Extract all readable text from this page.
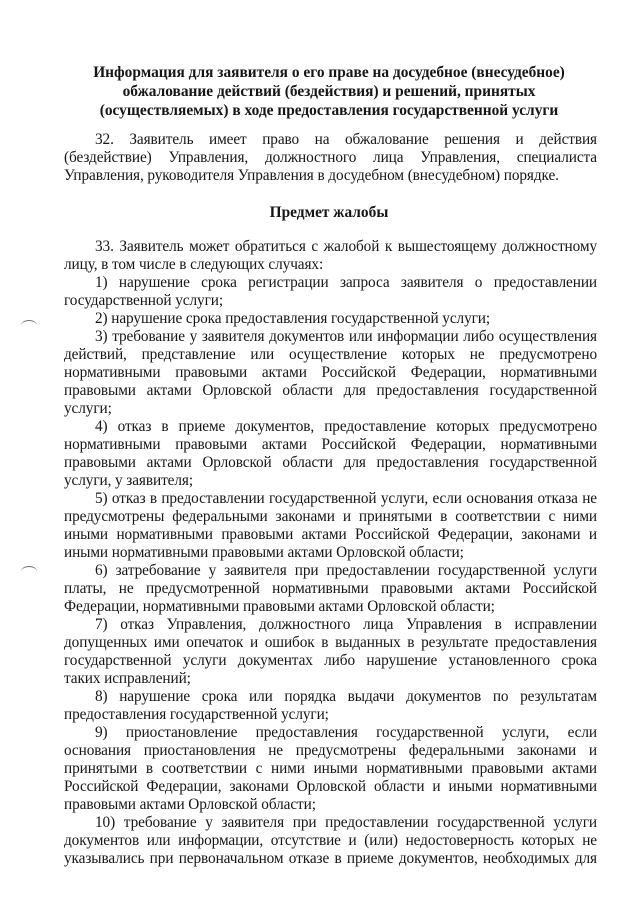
Информация для заявителя о его праве на досудебное (внесудебное)
обжалование действий (бездействия) и решений, принятых
(осуществляемых) в ходе предоставления государственной услуги
32. Заявитель имеет право на обжалование решения и действия
(бездействие) Управления, должностного лица Управления, специалиста
Управления, руководителя Управления в досудебном (внесудебном) порядке.
Предмет жалобы
33. Заявитель может обратиться с жалобой к вышестоящему должностному
лицу, в том числе в следующих случаях:
1) нарушение срока регистрации запроса заявителя о предоставлении
государственной услуги;
2) нарушение срока предоставления государственной услуги;
3) требование у заявителя документов или информации либо осуществления
действий, представление или осуществление которых не предусмотрено
нормативными правовыми актами Российской Федерации, нормативными
правовыми актами Орловской области для предоставления государственной
услуги;
4) отказ в приеме документов, предоставление которых предусмотрено
нормативными правовыми актами Российской Федерации, нормативными
правовыми актами Орловской области для предоставления государственной
услуги, у заявителя;
5) отказ в предоставлении государственной услуги, если основания отказа не
предусмотрены федеральными законами и принятыми в соответствии с ними
иными нормативными правовыми актами Российской Федерации, законами и
иными нормативными правовыми актами Орловской области;
6) затребование у заявителя при предоставлении государственной услуги
платы, не предусмотренной нормативными правовыми актами Российской
Федерации, нормативными правовыми актами Орловской области;
7) отказ Управления, должностного лица Управления в исправлении
допущенных ими опечаток и ошибок в выданных в результате предоставления
государственной услуги документах либо нарушение установленного срока
таких исправлений;
8) нарушение срока или порядка выдачи документов по результатам
предоставления государственной услуги;
9) приостановление предоставления государственной услуги, если
основания приостановления не предусмотрены федеральными законами и
принятыми в соответствии с ними иными нормативными правовыми актами
Российской Федерации, законами Орловской области и иными нормативными
правовыми актами Орловской области;
10) требование у заявителя при предоставлении государственной услуги
документов или информации, отсутствие и (или) недостоверность которых не
указывались при первоначальном отказе в приеме документов, необходимых для
